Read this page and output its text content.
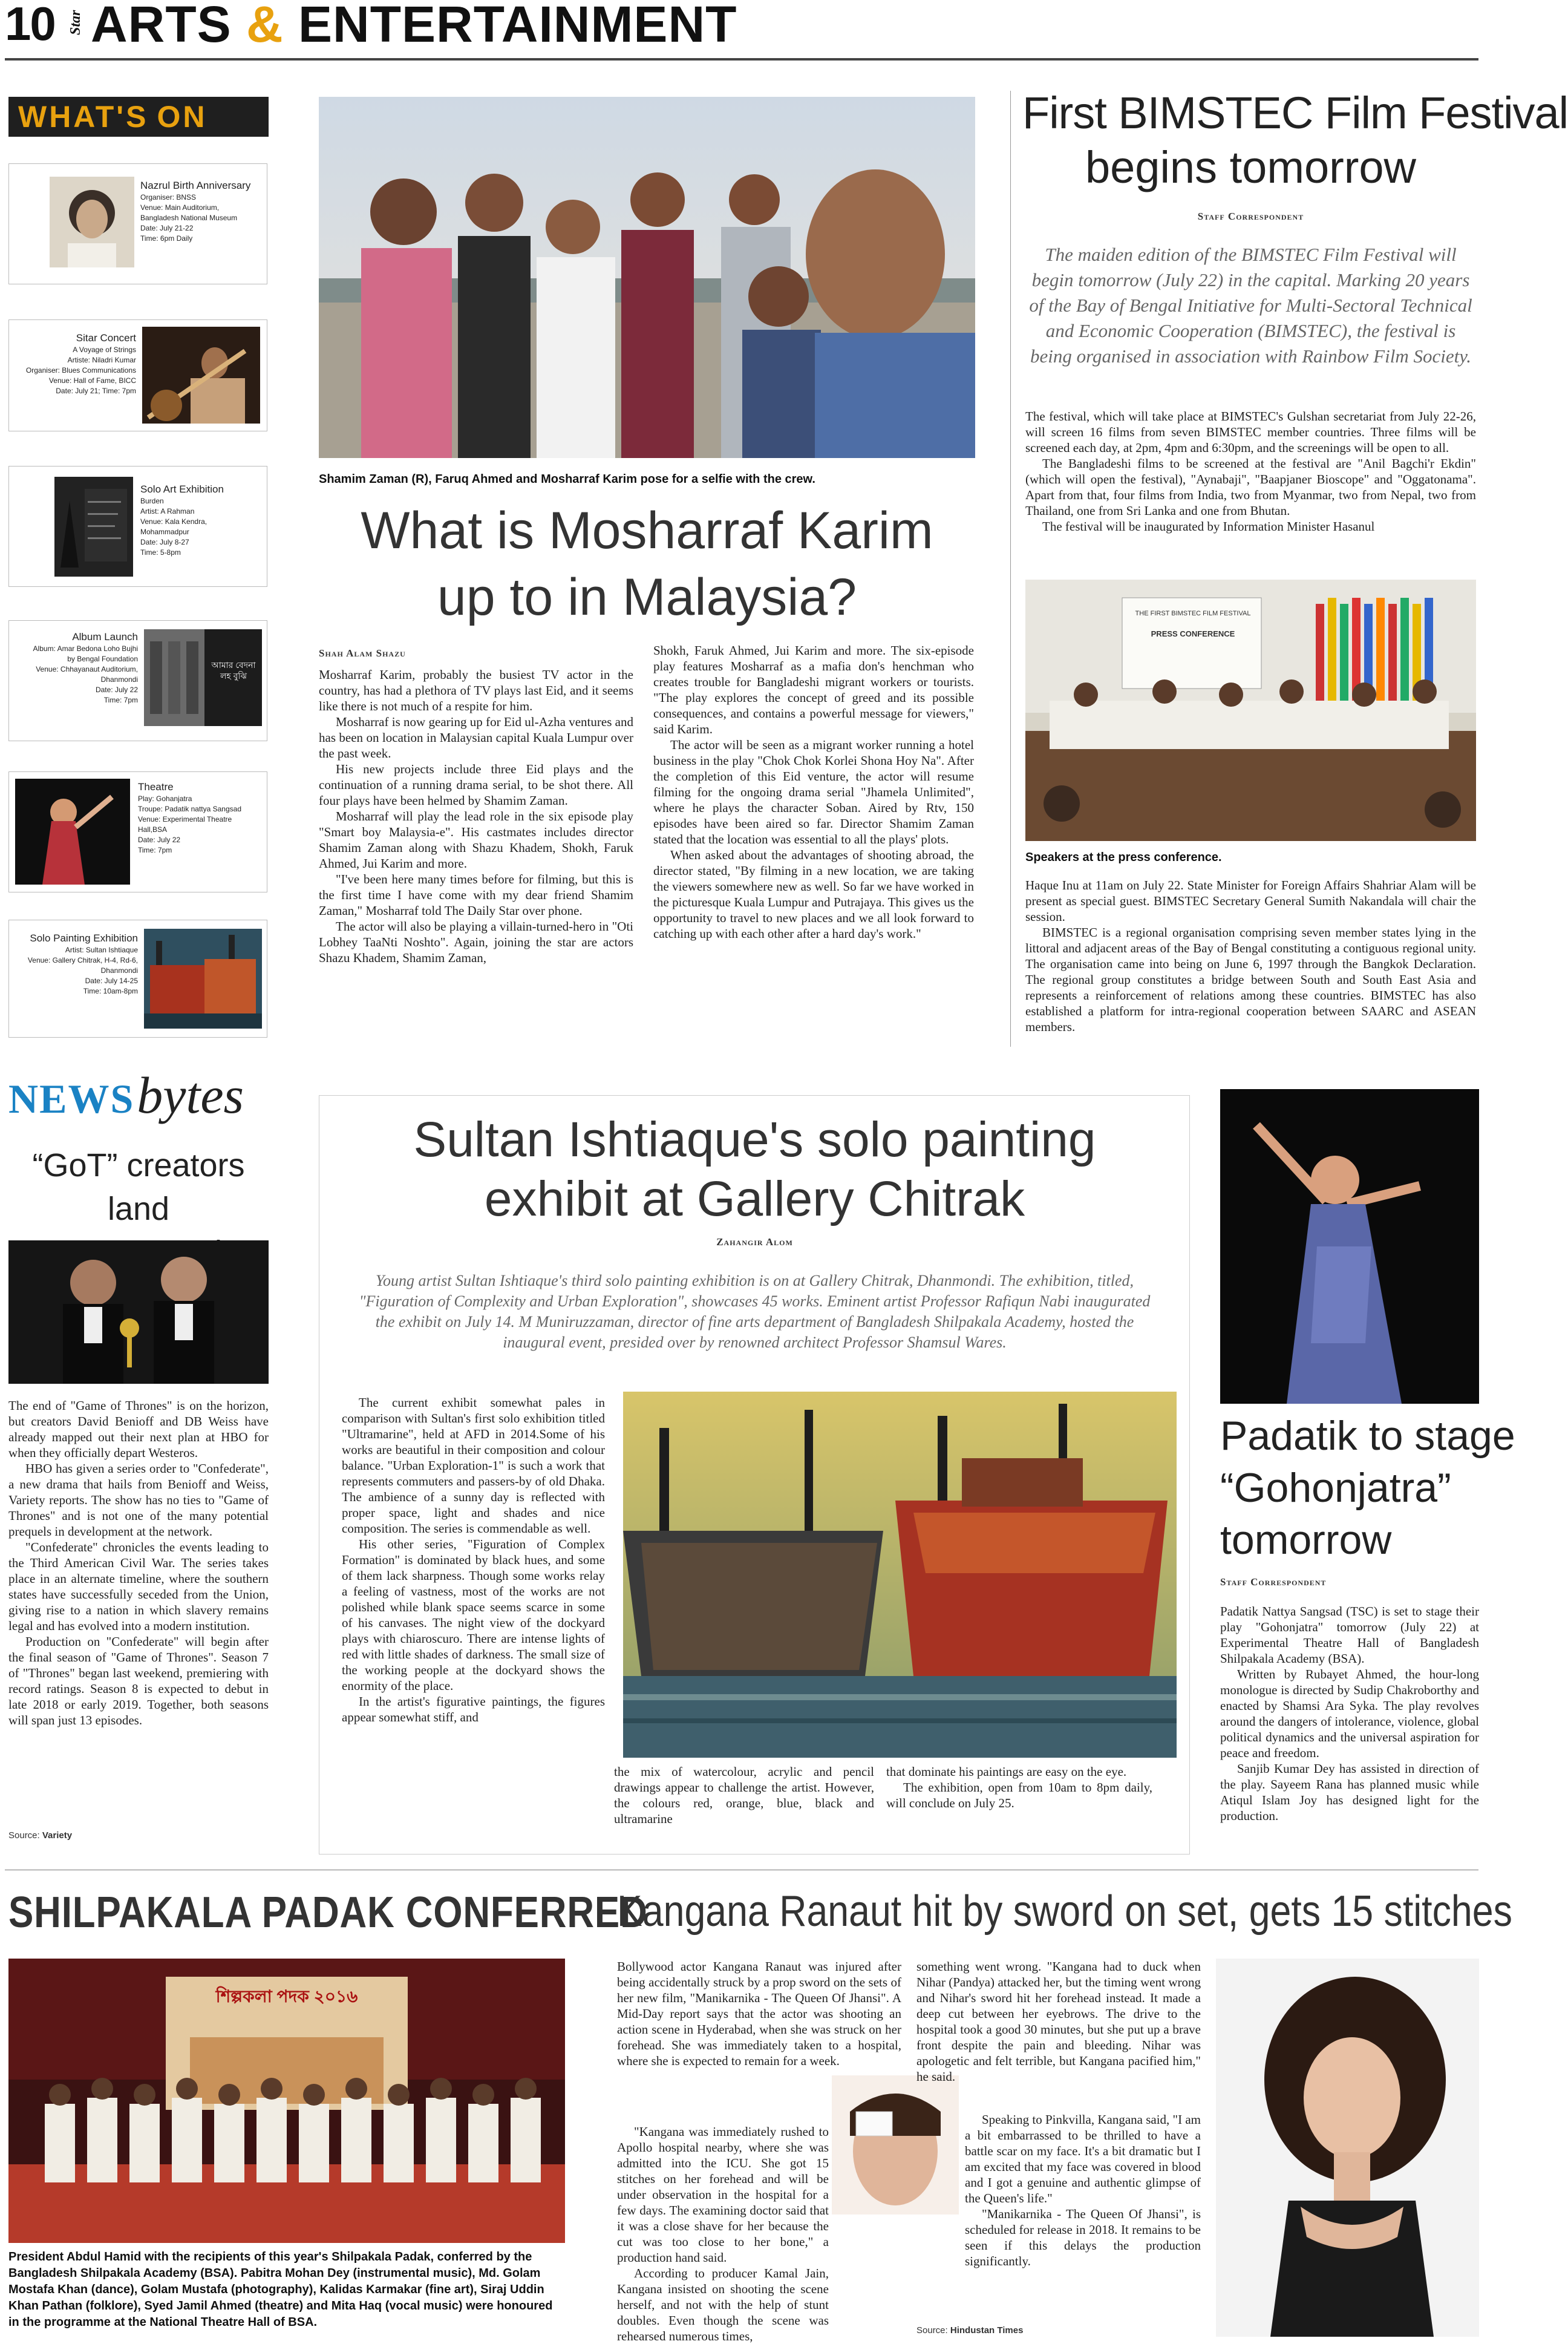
10 Star ARTS & ENTERTAINMENT
WHAT'S ON
Nazrul Birth Anniversary
Organiser: BNSS
Venue: Main Auditorium,
Bangladesh National Museum
Date: July 21-22
Time: 6pm Daily
Sitar Concert
A Voyage of Strings
Artiste: Niladri Kumar
Organiser: Blues Communications
Venue: Hall of Fame, BICC
Date: July 21; Time: 7pm
Solo Art Exhibition
Burden
Artist: A Rahman
Venue: Kala Kendra,
Mohammadpur
Date: July 8-27
Time: 5-8pm
Album Launch
Album: Amar Bedona Loho Bujhi
by Bengal Foundation
Venue: Chhayanaut Auditorium,
Dhanmondi
Date: July 22
Time: 7pm
আমার বেদনা লহ বুঝি
Theatre
Play: Gohanjatra
Troupe: Padatik nattya Sangsad
Venue: Experimental Theatre
Hall,BSA
Date: July 22
Time: 7pm
Solo Painting Exhibition
Artist: Sultan Ishtiaque
Venue: Gallery Chitrak, H-4, Rd-6,
Dhanmondi
Date: July 14-25
Time: 10am-8pm
Shamim Zaman (R), Faruq Ahmed and Mosharraf Karim pose for a selfie with the crew.
What is Mosharraf Karim
up to in Malaysia?
Shah Alam Shazu

Mosharraf Karim, probably the busiest TV actor in the country, has had a plethora of TV plays last Eid, and it seems like there is not much of a respite for him.

Mosharraf is now gearing up for Eid ul-Azha ventures and has been on location in Malaysian capital Kuala Lumpur over the past week.

His new projects include three Eid plays and the continuation of a running drama serial, to be shot there. All four plays have been helmed by Shamim Zaman.

Mosharraf will play the lead role in the six episode play "Smart boy Malaysia-e". His castmates includes director Shamim Zaman along with Shazu Khadem, Shokh, Faruk Ahmed, Jui Karim and more.

"I've been here many times before for filming, but this is the first time I have come with my dear friend Shamim Zaman," Mosharraf told The Daily Star over phone.

The actor will also be playing a villain-turned-hero in "Oti Lobhey TaaNti Noshto". Again, joining the star are actors Shazu Khadem, Shamim Zaman,

Shokh, Faruk Ahmed, Jui Karim and more. The six-episode play features Mosharraf as a mafia don's henchman who creates trouble for Bangladeshi migrant workers or tourists. "The play explores the concept of greed and its possible consequences, and contains a powerful message for viewers," said Karim.

The actor will be seen as a migrant worker running a hotel business in the play "Chok Chok Korlei Shona Hoy Na". After the completion of this Eid venture, the actor will resume filming for the ongoing drama serial "Jhamela Unlimited", where he plays the character Soban. Aired by Rtv, 150 episodes have been aired so far. Director Shamim Zaman stated that the location was essential to all the plays' plots.

When asked about the advantages of shooting abroad, the director stated, "By filming in a new location, we are taking the viewers somewhere new as well. So far we have worked in the picturesque Kuala Lumpur and Putrajaya. This gives us the opportunity to travel to new places and we all look forward to catching up with each other after a hard day's work."

First BIMSTEC Film Festival
begins tomorrow
Staff Correspondent
The maiden edition of the BIMSTEC Film Festival will begin tomorrow (July 22) in the capital. Marking 20 years of the Bay of Bengal Initiative for Multi-Sectoral Technical and Economic Cooperation (BIMSTEC), the festival is being organised in association with Rainbow Film Society.

The festival, which will take place at BIMSTEC's Gulshan secretariat from July 22-26, will screen 16 films from seven BIMSTEC member countries. Three films will be screened each day, at 2pm, 4pm and 6:30pm, and the screenings will be open to all.

The Bangladeshi films to be screened at the festival are "Anil Bagchi'r Ekdin" (which will open the festival), "Aynabaji", "Baapjaner Bioscope" and "Oggatonama". Apart from that, four films from India, two from Myanmar, two from Nepal, two from Thailand, one from Sri Lanka and one from Bhutan.

The festival will be inaugurated by Information Minister Hasanul

THE FIRST BIMSTEC FILM FESTIVAL
PRESS CONFERENCE
Speakers at the press conference.

Haque Inu at 11am on July 22. State Minister for Foreign Affairs Shahriar Alam will be present as special guest. BIMSTEC Secretary General Sumith Nakandala will chair the session.

BIMSTEC is a regional organisation comprising seven member states lying in the littoral and adjacent areas of the Bay of Bengal constituting a contiguous regional unity. The organisation came into being on June 6, 1997 through the Bangkok Declaration. The regional group constitutes a bridge between South and South East Asia and represents a reinforcement of relations among these countries. BIMSTEC has also established a platform for intra-regional cooperation between SAARC and ASEAN members.

NEWS bytes
“GoT” creators land

The end of "Game of Thrones" is on the horizon, but creators David Benioff and DB Weiss have already mapped out their next plan at HBO for when they officially depart Westeros.

HBO has given a series order to "Confederate", a new drama that hails from Benioff and Weiss, Variety reports. The show has no ties to "Game of Thrones" and is not one of the many potential prequels in development at the network.

"Confederate" chronicles the events leading to the Third American Civil War. The series takes place in an alternate timeline, where the southern states have successfully seceded from the Union, giving rise to a nation in which slavery remains legal and has evolved into a modern institution.

Production on "Confederate" will begin after the final season of "Game of Thrones". Season 7 of "Thrones" began last weekend, premiering with record ratings. Season 8 is expected to debut in late 2018 or early 2019. Together, both seasons will span just 13 episodes.

Source: Variety
Sultan Ishtiaque's solo painting
exhibit at Gallery Chitrak
Zahangir Alom
Young artist Sultan Ishtiaque's third solo painting exhibition is on at Gallery Chitrak, Dhanmondi. The exhibition, titled, "Figuration of Complexity and Urban Exploration", showcases 45 works. Eminent artist Professor Rafiqun Nabi inaugurated the exhibit on July 14. M Muniruzzaman, director of fine arts department of Bangladesh Shilpakala Academy, hosted the inaugural event, presided over by renowned architect Professor Shamsul Wares.

The current exhibit somewhat pales in comparison with Sultan's first solo exhibition titled "Ultramarine", held at AFD in 2014.Some of his works are beautiful in their composition and colour balance. "Urban Exploration-1" is such a work that represents commuters and passers-by of old Dhaka. The ambience of a sunny day is reflected with proper space, light and shades and nice composition. The series is commendable as well.

His other series, "Figuration of Complex Formation" is dominated by black hues, and some of them lack sharpness. Though some works relay a feeling of vastness, most of the works are not polished while blank space seems scarce in some of his canvases. The night view of the dockyard plays with chiaroscuro. There are intense lights of red with little shades of darkness. The small size of the working people at the dockyard shows the enormity of the place.

In the artist's figurative paintings, the figures appear somewhat stiff, and

the mix of watercolour, acrylic and pencil drawings appear to challenge the artist. However, the colours red, orange, blue, black and ultramarine

that dominate his paintings are easy on the eye.

The exhibition, open from 10am to 8pm daily, will conclude on July 25.

Padatik to stage
“Gohonjatra”
tomorrow
Staff Correspondent

Padatik Nattya Sangsad (TSC) is set to stage their play "Gohonjatra" tomorrow (July 22) at Experimental Theatre Hall of Bangladesh Shilpakala Academy (BSA).

Written by Rubayet Ahmed, the hour-long monologue is directed by Sudip Chakroborthy and enacted by Shamsi Ara Syka. The play revolves around the dangers of intolerance, violence, global political dynamics and the universal aspiration for peace and freedom.

Sanjib Kumar Dey has assisted in direction of the play. Sayeem Rana has planned music while Atiqul Islam Joy has designed light for the production.

SHILPAKALA PADAK CONFERRED
শিল্পকলা পদক ২০১৬
President Abdul Hamid with the recipients of this year's Shilpakala Padak, conferred by the Bangladesh Shilpakala Academy (BSA). Pabitra Mohan Dey (instrumental music), Md. Golam Mostafa Khan (dance), Golam Mustafa (photography), Kalidas Karmakar (fine art), Siraj Uddin Khan Pathan (folklore), Syed Jamil Ahmed (theatre) and Mita Haq (vocal music) were honoured in the programme at the National Theatre Hall of BSA.
Kangana Ranaut hit by sword on set, gets 15 stitches
Bollywood actor Kangana Ranaut was injured after being accidentally struck by a prop sword on the sets of her new film, "Manikarnika - The Queen Of Jhansi". A Mid-Day report says that the actor was shooting an action scene in Hyderabad, when she was struck on her forehead. She was immediately taken to a hospital, where she is expected to remain for a week.

"Kangana was immediately rushed to Apollo hospital nearby, where she was admitted into the ICU. She got 15 stitches on her forehead and will be under observation in the hospital for a few days. The examining doctor said that it was a close shave for her because the cut was too close to her bone," a production hand said.

According to producer Kamal Jain, Kangana insisted on shooting the scene herself, and not with the help of stunt doubles. Even though the scene was rehearsed numerous times,

something went wrong. "Kangana had to duck when Nihar (Pandya) attacked her, but the timing went wrong and Nihar's sword hit her forehead instead. It made a deep cut between her eyebrows. The drive to the hospital took a good 30 minutes, but she put up a brave front despite the pain and bleeding. Nihar was apologetic and felt terrible, but Kangana pacified him," he said.

Speaking to Pinkvilla, Kangana said, "I am a bit embarrassed to be thrilled to have a battle scar on my face. It's a bit dramatic but I am excited that my face was covered in blood and I got a genuine and authentic glimpse of the Queen's life."

"Manikarnika - The Queen Of Jhansi", is scheduled for release in 2018. It remains to be seen if this delays the production significantly.

Source: Hindustan Times
